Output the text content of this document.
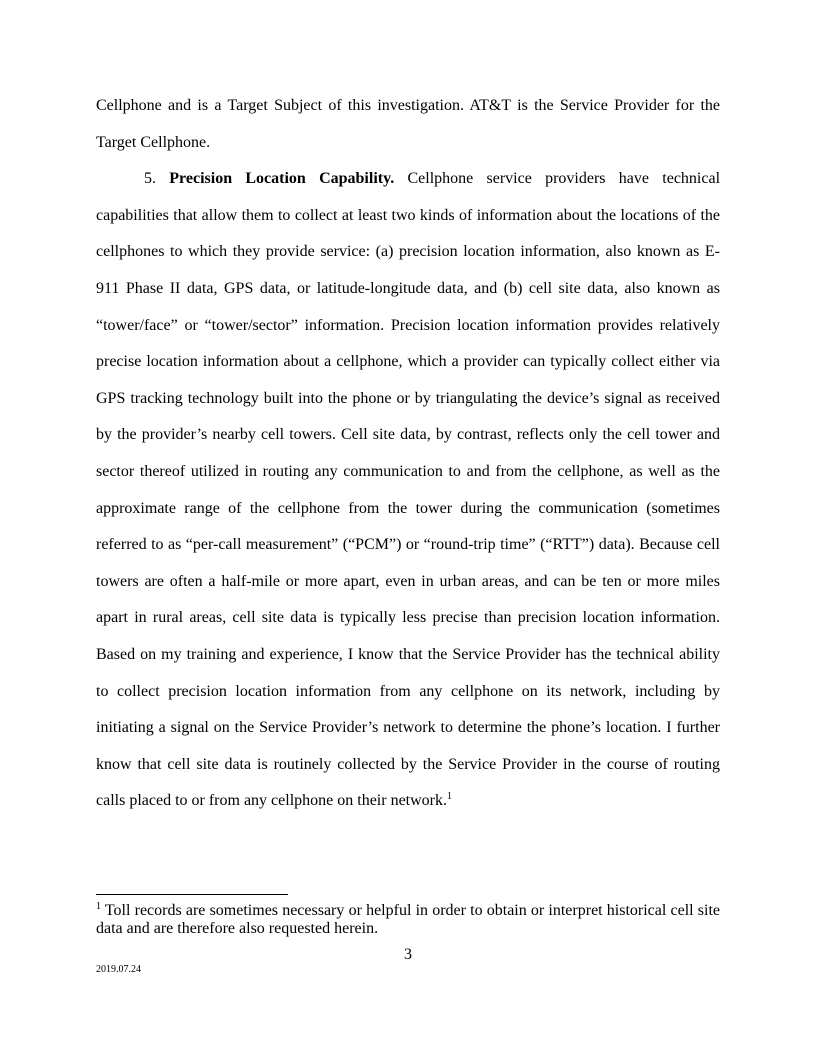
Cellphone and is a Target Subject of this investigation. AT&T is the Service Provider for the Target Cellphone.

5. Precision Location Capability. Cellphone service providers have technical capabilities that allow them to collect at least two kinds of information about the locations of the cellphones to which they provide service: (a) precision location information, also known as E-911 Phase II data, GPS data, or latitude-longitude data, and (b) cell site data, also known as “tower/face” or “tower/sector” information. Precision location information provides relatively precise location information about a cellphone, which a provider can typically collect either via GPS tracking technology built into the phone or by triangulating the device’s signal as received by the provider’s nearby cell towers. Cell site data, by contrast, reflects only the cell tower and sector thereof utilized in routing any communication to and from the cellphone, as well as the approximate range of the cellphone from the tower during the communication (sometimes referred to as “per-call measurement” (“PCM”) or “round-trip time” (“RTT”) data). Because cell towers are often a half-mile or more apart, even in urban areas, and can be ten or more miles apart in rural areas, cell site data is typically less precise than precision location information. Based on my training and experience, I know that the Service Provider has the technical ability to collect precision location information from any cellphone on its network, including by initiating a signal on the Service Provider’s network to determine the phone’s location. I further know that cell site data is routinely collected by the Service Provider in the course of routing calls placed to or from any cellphone on their network.$^1$

$^1$ Toll records are sometimes necessary or helpful in order to obtain or interpret historical cell site data and are therefore also requested herein.

3
2019.07.24
